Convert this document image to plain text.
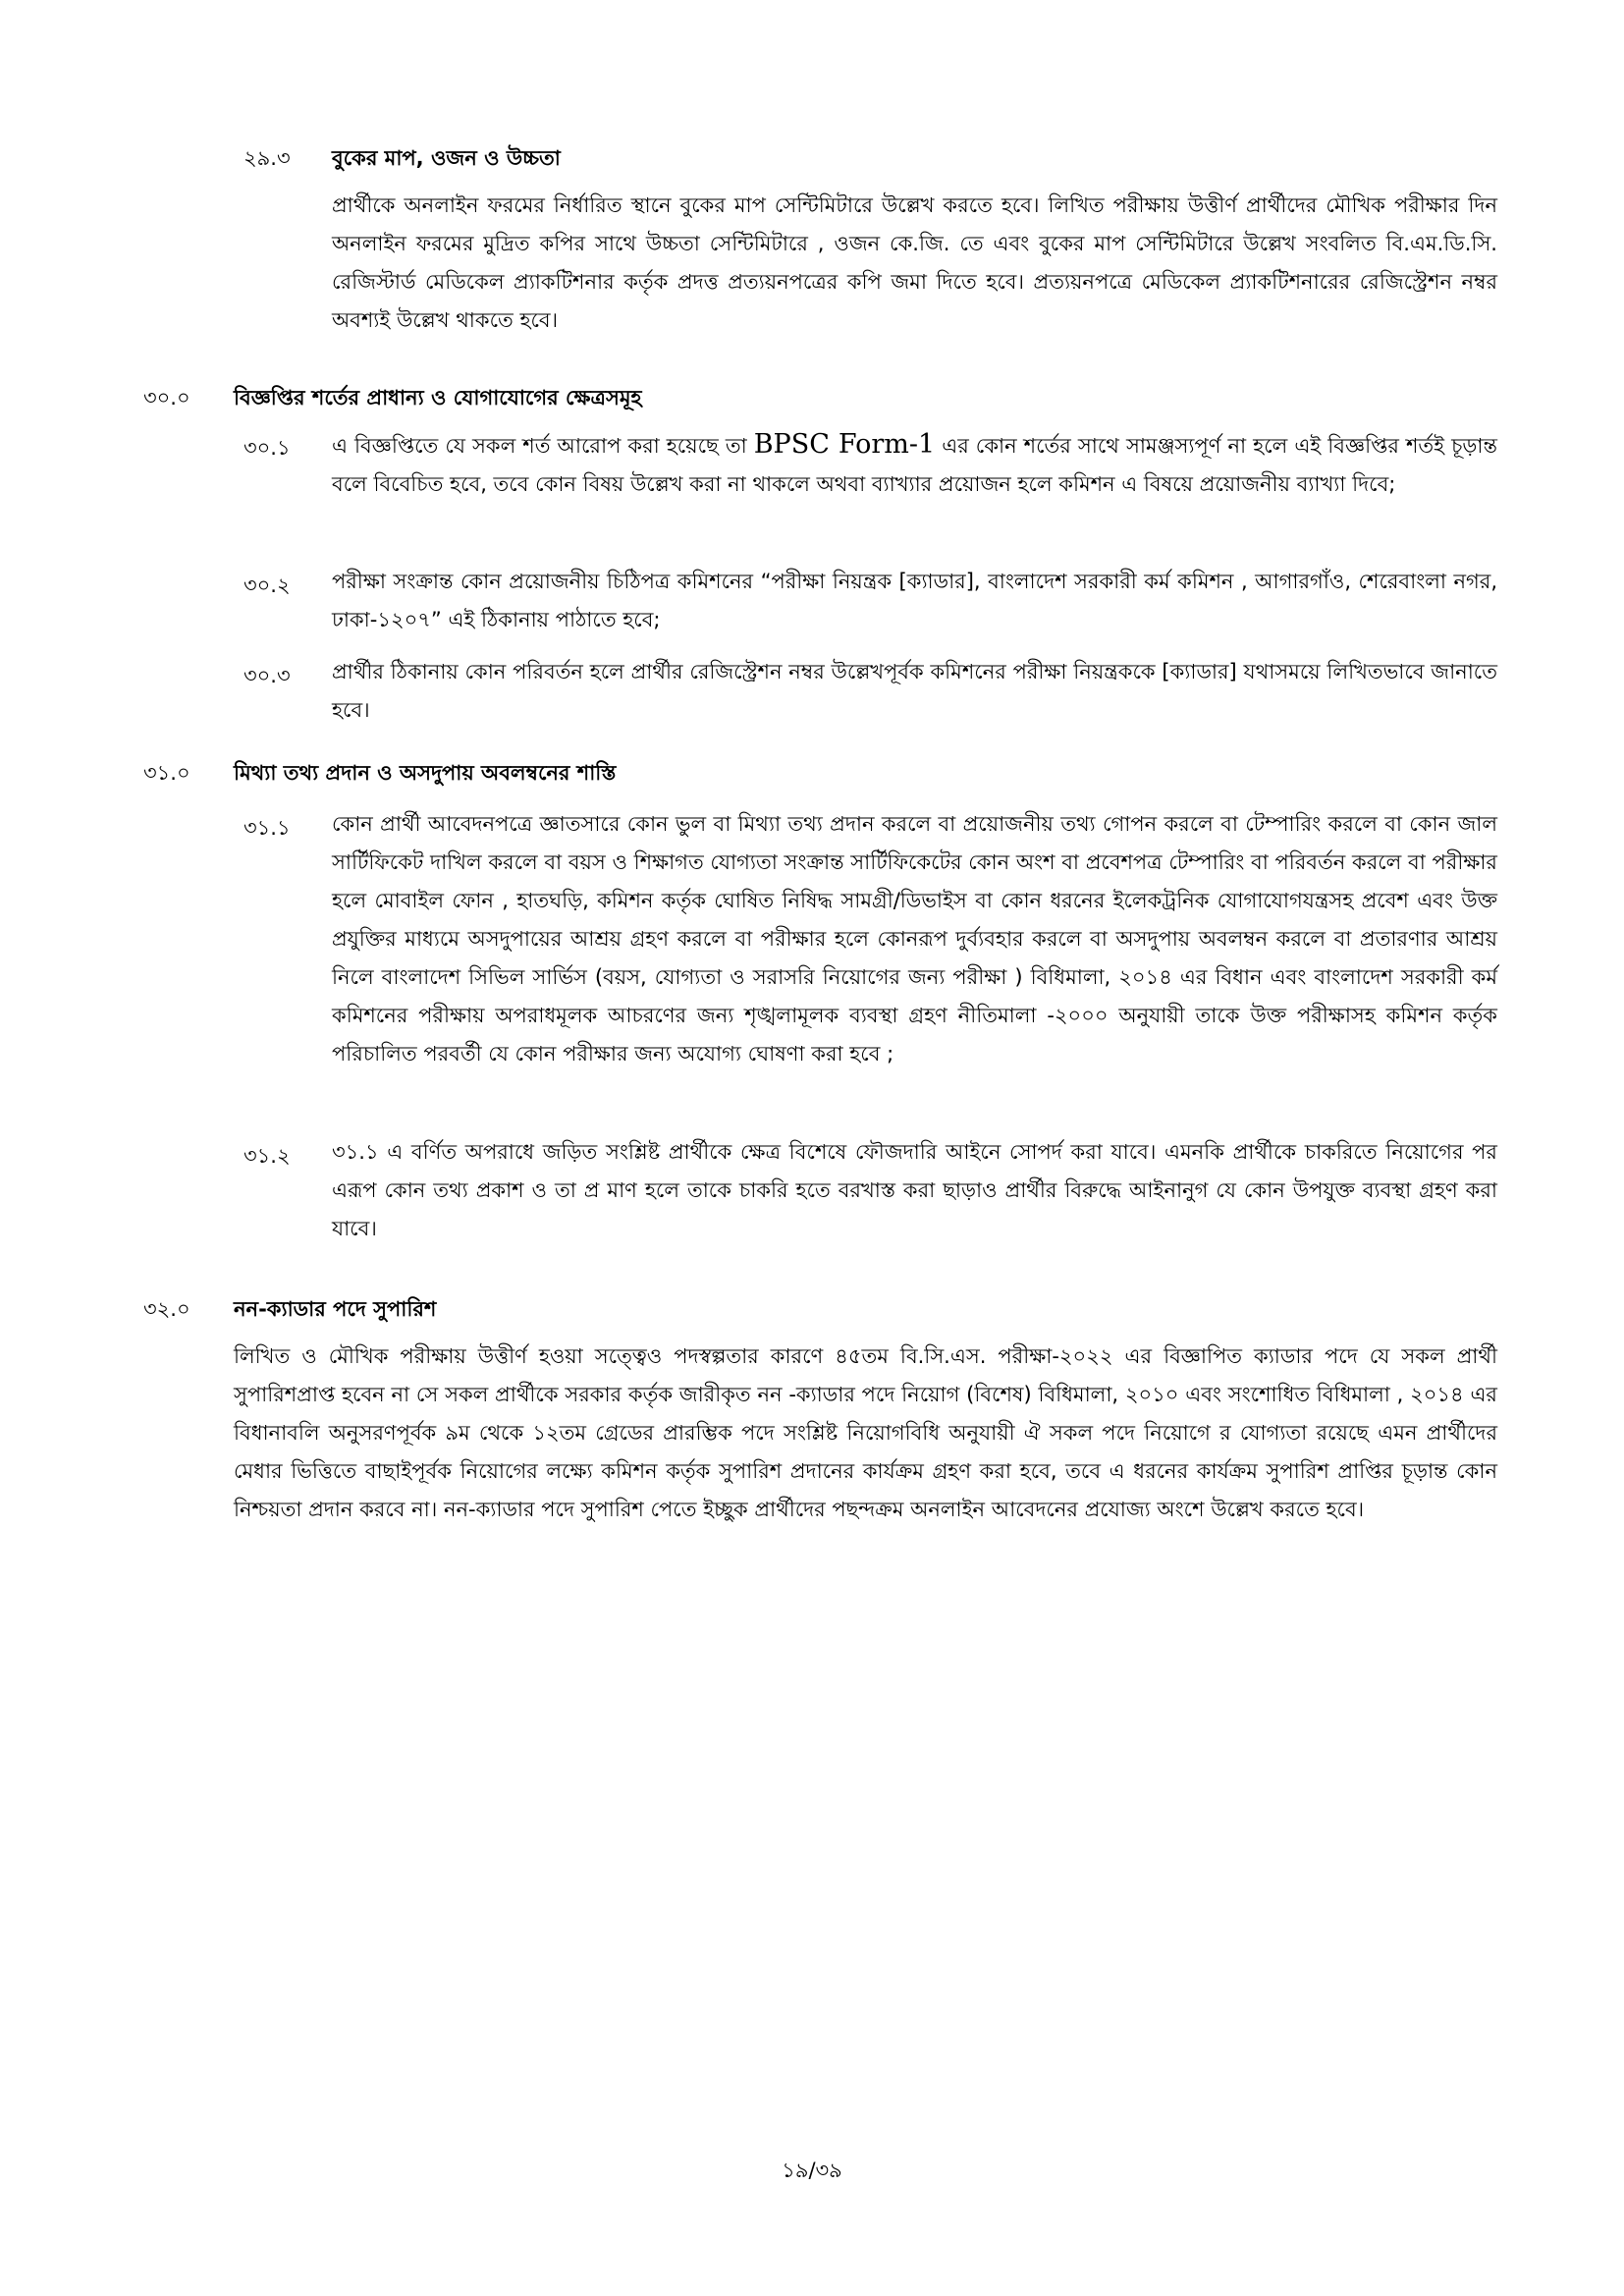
২৯.৩ বুকের মাপ, ওজন ও উচ্চতা
প্রার্থীকে অনলাইন ফরমের নির্ধারিত স্থানে বুকের মাপ সেন্টিমিটারে উল্লেখ করতে হবে। লিখিত পরীক্ষায় উত্তীর্ণ প্রার্থীদের মৌখিক পরীক্ষার দিন অনলাইন ফরমের মুদ্রিত কপির সাথে উচ্চতা সেন্টিমিটারে , ওজন কে.জি. তে এবং বুকের মাপ সেন্টিমিটারে উল্লেখ সংবলিত বি.এম.ডি.সি. রেজিস্টার্ড মেডিকেল প্র্যাকটিশনার কর্তৃক প্রদত্ত প্রত্যয়নপত্রের কপি জমা দিতে হবে। প্রত্যয়নপত্রে মেডিকেল প্র্যাকটিশনারের রেজিস্ট্রেশন নম্বর অবশ্যই উল্লেখ থাকতে হবে।
৩০.০ বিজ্ঞপ্তির শর্তের প্রাধান্য ও যোগাযোগের ক্ষেত্রসমূহ
৩০.১ এ বিজ্ঞপ্তিতে যে সকল শর্ত আরোপ করা হয়েছে তা BPSC Form-1 এর কোন শর্তের সাথে সামঞ্জস্যপূর্ণ না হলে এই বিজ্ঞপ্তির শর্তই চূড়ান্ত বলে বিবেচিত হবে, তবে কোন বিষয় উল্লেখ করা না থাকলে অথবা ব্যাখ্যার প্রয়োজন হলে কমিশন এ বিষয়ে প্রয়োজনীয় ব্যাখ্যা দিবে;
৩০.২ পরীক্ষা সংক্রান্ত কোন প্রয়োজনীয় চিঠিপত্র কমিশনের “পরীক্ষা নিয়ন্ত্রক [ক্যাডার], বাংলাদেশ সরকারী কর্ম কমিশন , আগারগাঁও, শেরেবাংলা নগর, ঢাকা-১২০৭” এই ঠিকানায় পাঠাতে হবে;
৩০.৩ প্রার্থীর ঠিকানায় কোন পরিবর্তন হলে প্রার্থীর রেজিস্ট্রেশন নম্বর উল্লেখপূর্বক কমিশনের পরীক্ষা নিয়ন্ত্রককে [ক্যাডার] যথাসময়ে লিখিতভাবে জানাতে হবে।
৩১.০ মিথ্যা তথ্য প্রদান ও অসদুপায় অবলম্বনের শাস্তি
৩১.১ কোন প্রার্থী আবেদনপত্রে জ্ঞাতসারে কোন ভুল বা মিথ্যা তথ্য প্রদান করলে বা প্রয়োজনীয় তথ্য গোপন করলে বা টেম্পারিং করলে বা কোন জাল সার্টিফিকেট দাখিল করলে বা বয়স ও শিক্ষাগত যোগ্যতা সংক্রান্ত সার্টিফিকেটের কোন অংশ বা প্রবেশপত্র টেম্পারিং বা পরিবর্তন করলে বা পরীক্ষার হলে মোবাইল ফোন , হাতঘড়ি, কমিশন কর্তৃক ঘোষিত নিষিদ্ধ সামগ্রী/ডিভাইস বা কোন ধরনের ইলেকট্রনিক যোগাযোগযন্ত্রসহ প্রবেশ এবং উক্ত প্রযুক্তির মাধ্যমে অসদুপায়ের আশ্রয় গ্রহণ করলে বা পরীক্ষার হলে কোনরূপ দুর্ব্যবহার করলে বা অসদুপায় অবলম্বন করলে বা প্রতারণার আশ্রয় নিলে বাংলাদেশ সিভিল সার্ভিস (বয়স, যোগ্যতা ও সরাসরি নিয়োগের জন্য পরীক্ষা ) বিধিমালা, ২০১৪ এর বিধান এবং বাংলাদেশ সরকারী কর্ম কমিশনের পরীক্ষায় অপরাধমূলক আচরণের জন্য শৃঙ্খলামূলক ব্যবস্থা গ্রহণ নীতিমালা -২০০০ অনুযায়ী তাকে উক্ত পরীক্ষাসহ কমিশন কর্তৃক পরিচালিত পরবর্তী যে কোন পরীক্ষার জন্য অযোগ্য ঘোষণা করা হবে ;
৩১.২ ৩১.১ এ বর্ণিত অপরাধে জড়িত সংশ্লিষ্ট প্রার্থীকে ক্ষেত্র বিশেষে ফৌজদারি আইনে সোপর্দ করা যাবে। এমনকি প্রার্থীকে চাকরিতে নিয়োগের পর এরূপ কোন তথ্য প্রকাশ ও তা প্র মাণ হলে তাকে চাকরি হতে বরখাস্ত করা ছাড়াও প্রার্থীর বিরুদ্ধে আইনানুগ যে কোন উপযুক্ত ব্যবস্থা গ্রহণ করা যাবে।
৩২.০ নন-ক্যাডার পদে সুপারিশ
লিখিত ও মৌখিক পরীক্ষায় উত্তীর্ণ হওয়া সত্ত্বেও পদস্বল্পতার কারণে ৪৫তম বি.সি.এস. পরীক্ষা-২০২২ এর বিজ্ঞাপিত ক্যাডার পদে যে সকল প্রার্থী সুপারিশপ্রাপ্ত হবেন না সে সকল প্রার্থীকে সরকার কর্তৃক জারীকৃত নন -ক্যাডার পদে নিয়োগ (বিশেষ) বিধিমালা, ২০১০ এবং সংশোধিত বিধিমালা , ২০১৪ এর বিধানাবলি অনুসরণপূর্বক ৯ম থেকে ১২তম গ্রেডের প্রারম্ভিক পদে সংশ্লিষ্ট নিয়োগবিধি অনুযায়ী ঐ সকল পদে নিয়োগে র যোগ্যতা রয়েছে এমন প্রার্থীদের মেধার ভিত্তিতে বাছাইপূর্বক নিয়োগের লক্ষ্যে কমিশন কর্তৃক সুপারিশ প্রদানের কার্যক্রম গ্রহণ করা হবে, তবে এ ধরনের কার্যক্রম সুপারিশ প্রাপ্তির চূড়ান্ত কোন নিশ্চয়তা প্রদান করবে না। নন-ক্যাডার পদে সুপারিশ পেতে ইচ্ছুক প্রার্থীদের পছন্দক্রম অনলাইন আবেদনের প্রযোজ্য অংশে উল্লেখ করতে হবে।
১৯/৩৯
